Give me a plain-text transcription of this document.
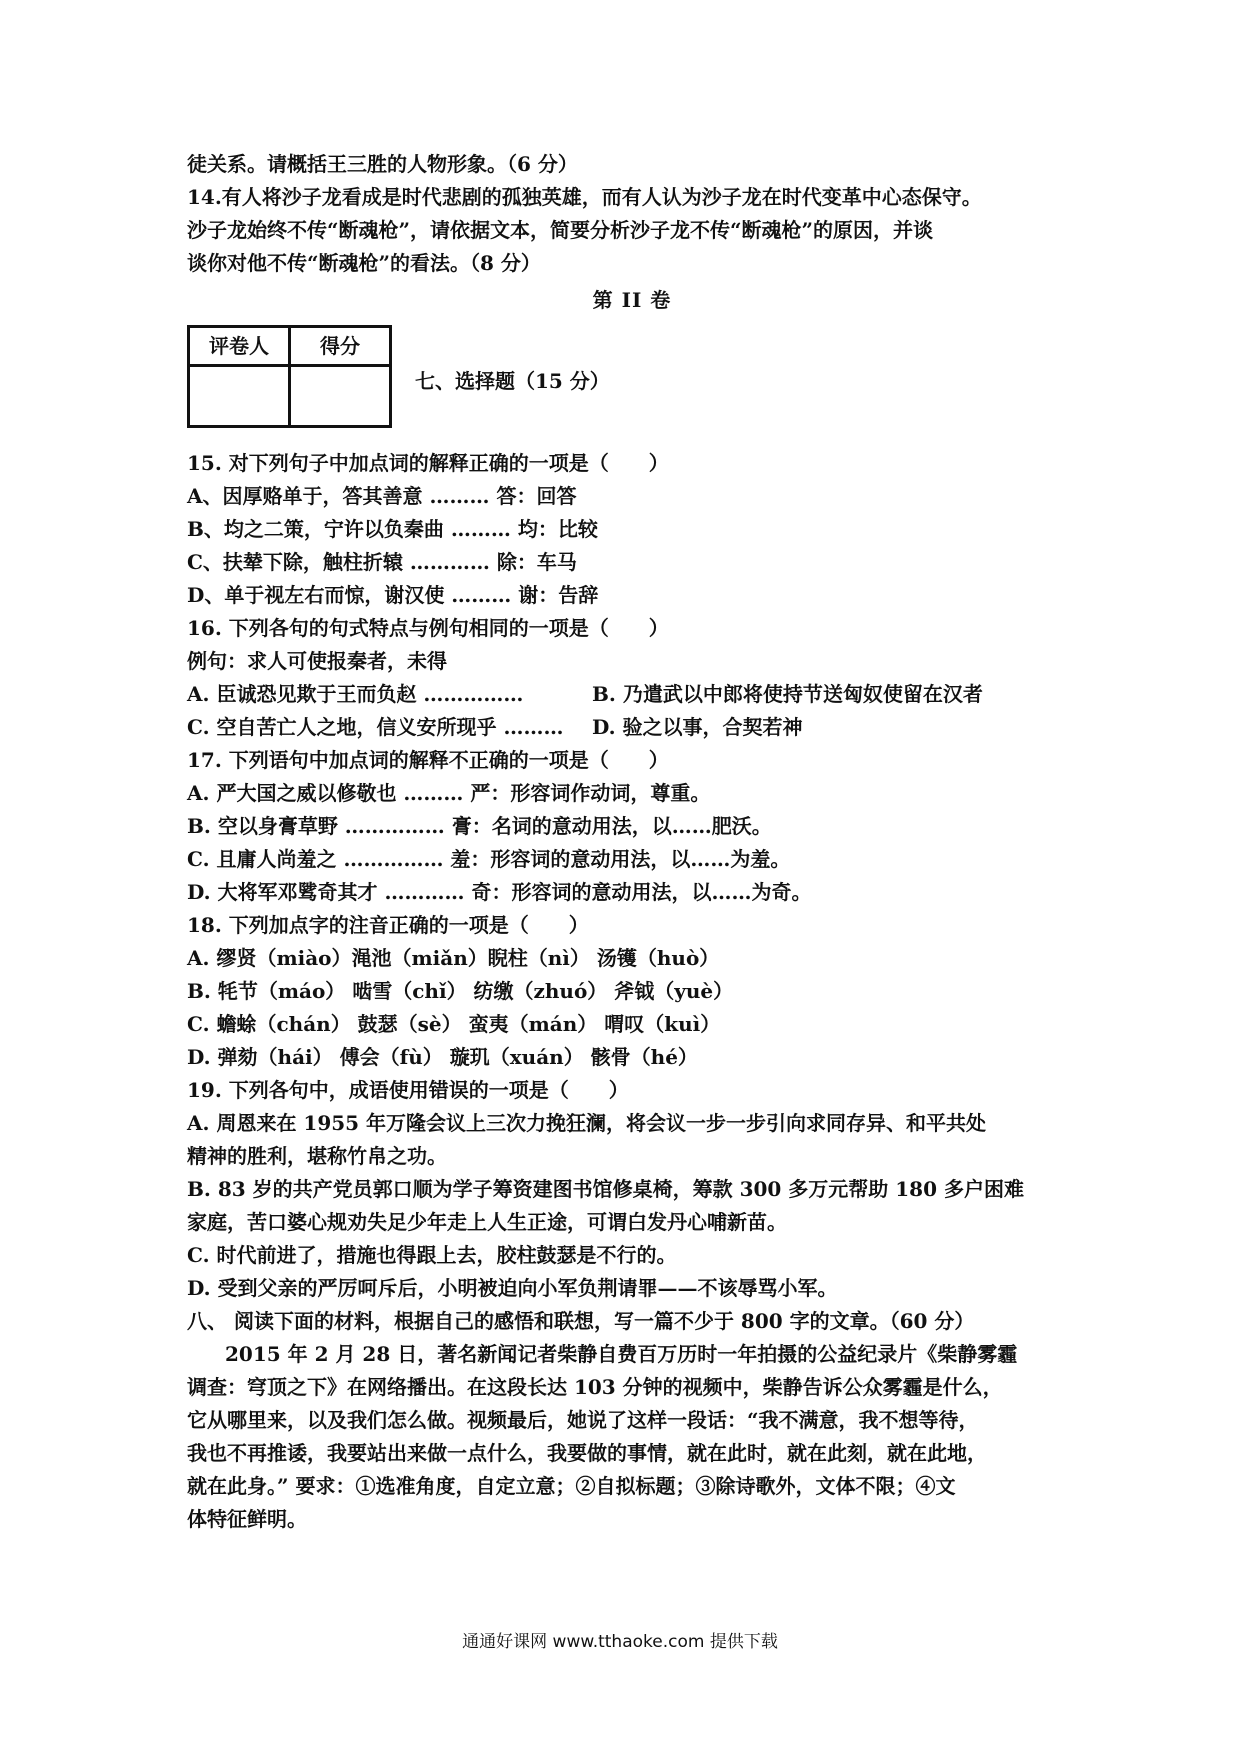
徒关系。请概括王三胜的人物形象。（6 分）
14.有人将沙子龙看成是时代悲剧的孤独英雄，而有人认为沙子龙在时代变革中心态保守。
沙子龙始终不传“断魂枪”，请依据文本，简要分析沙子龙不传“断魂枪”的原因，并谈
谈你对他不传“断魂枪”的看法。（8 分）
第 II 卷
评卷人	得分

七、选择题（15 分）
15. 对下列句子中加点词的解释正确的一项是（　　）
A、因厚赂单于，答其善意 ……… 答：回答
B、均之二策，宁许以负秦曲 ……… 均：比较
C、扶辇下除，触柱折辕 ………… 除：车马
D、单于视左右而惊，谢汉使 ……… 谢：告辞
16. 下列各句的句式特点与例句相同的一项是（　　）
例句：求人可使报秦者，未得
A. 臣诚恐见欺于王而负赵 ……………	B. 乃遣武以中郎将使持节送匈奴使留在汉者
C. 空自苦亡人之地，信义安所现乎 ………	D. 验之以事，合契若神
17. 下列语句中加点词的解释不正确的一项是（　　）
A. 严大国之威以修敬也 ……… 严：形容词作动词，尊重。
B. 空以身膏草野 …………… 膏：名词的意动用法，以……肥沃。
C. 且庸人尚羞之 …………… 羞：形容词的意动用法，以……为羞。
D. 大将军邓骘奇其才 ………… 奇：形容词的意动用法，以……为奇。
18. 下列加点字的注音正确的一项是（　　）
A. 缪贤（miào）渑池（miǎn）睨柱（nì） 汤镬（huò）
B. 牦节（máo） 啮雪（chǐ） 纺缴（zhuó） 斧钺（yuè）
C. 蟾蜍（chán） 鼓瑟（sè） 蛮夷（mán） 喟叹（kuì）
D. 弹劾（hái） 傅会（fù） 璇玑（xuán） 骸骨（hé）
19. 下列各句中，成语使用错误的一项是（　　）
A. 周恩来在 1955 年万隆会议上三次力挽狂澜，将会议一步一步引向求同存异、和平共处
精神的胜利，堪称竹帛之功。
B. 83 岁的共产党员郭口顺为学子筹资建图书馆修桌椅，筹款 300 多万元帮助 180 多户困难
家庭，苦口婆心规劝失足少年走上人生正途，可谓白发丹心哺新苗。
C. 时代前进了，措施也得跟上去，胶柱鼓瑟是不行的。
D. 受到父亲的严厉呵斥后，小明被迫向小军负荆请罪——不该辱骂小军。
八、 阅读下面的材料，根据自己的感悟和联想，写一篇不少于 800 字的文章。（60 分）
2015 年 2 月 28 日，著名新闻记者柴静自费百万历时一年拍摄的公益纪录片《柴静雾霾
调查：穹顶之下》在网络播出。在这段长达 103 分钟的视频中，柴静告诉公众雾霾是什么，
它从哪里来，以及我们怎么做。视频最后，她说了这样一段话：“我不满意，我不想等待，
我也不再推诿，我要站出来做一点什么，我要做的事情，就在此时，就在此刻，就在此地，
就在此身。” 要求：①选准角度，自定立意；②自拟标题；③除诗歌外，文体不限；④文
体特征鲜明。
通通好课网 www.tthaoke.com 提供下载
